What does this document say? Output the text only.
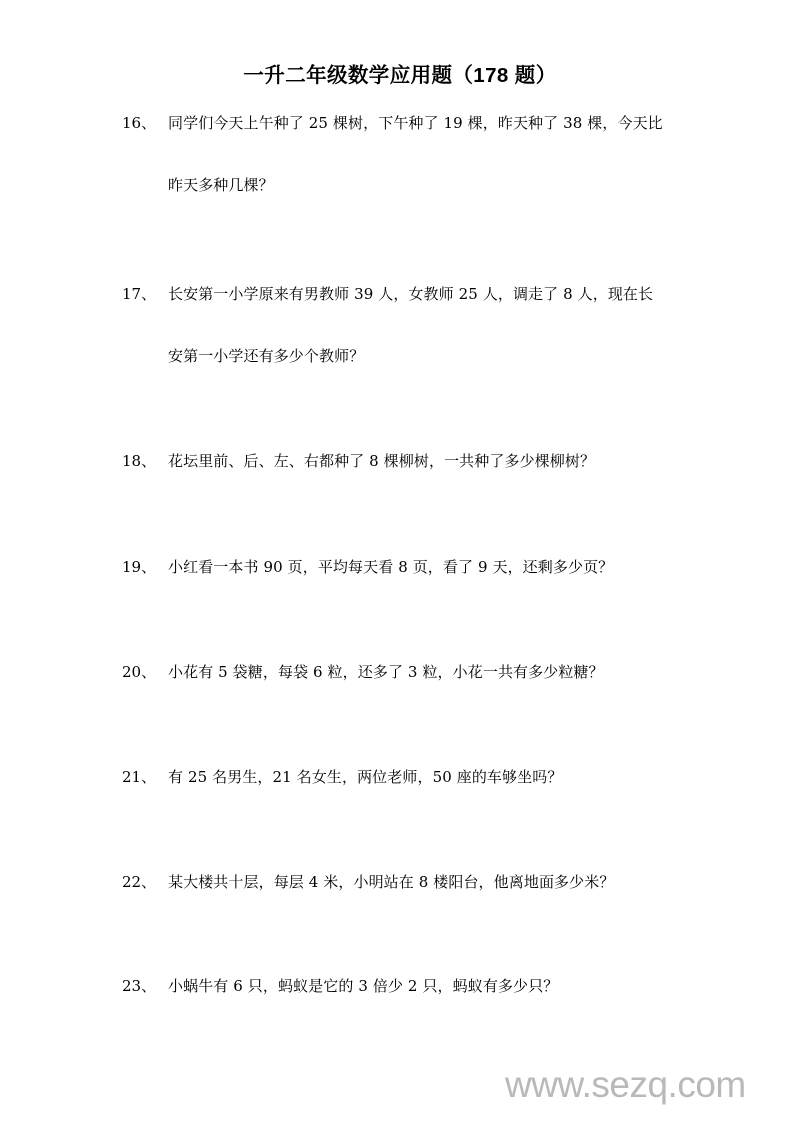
一升二年级数学应用题（178 题）
16、 同学们今天上午种了 25 棵树，下午种了 19 棵，昨天种了 38 棵，今天比
昨天多种几棵？
17、 长安第一小学原来有男教师 39 人，女教师 25 人，调走了 8 人，现在长
安第一小学还有多少个教师？
18、 花坛里前、后、左、右都种了 8 棵柳树，一共种了多少棵柳树？
19、 小红看一本书 90 页，平均每天看 8 页，看了 9 天，还剩多少页？
20、 小花有 5 袋糖，每袋 6 粒，还多了 3 粒，小花一共有多少粒糖？
21、 有 25 名男生，21 名女生，两位老师，50 座的车够坐吗？
22、 某大楼共十层，每层 4 米，小明站在 8 楼阳台，他离地面多少米？
23、 小蜗牛有 6 只，蚂蚁是它的 3 倍少 2 只，蚂蚁有多少只？
www.sezq.com
